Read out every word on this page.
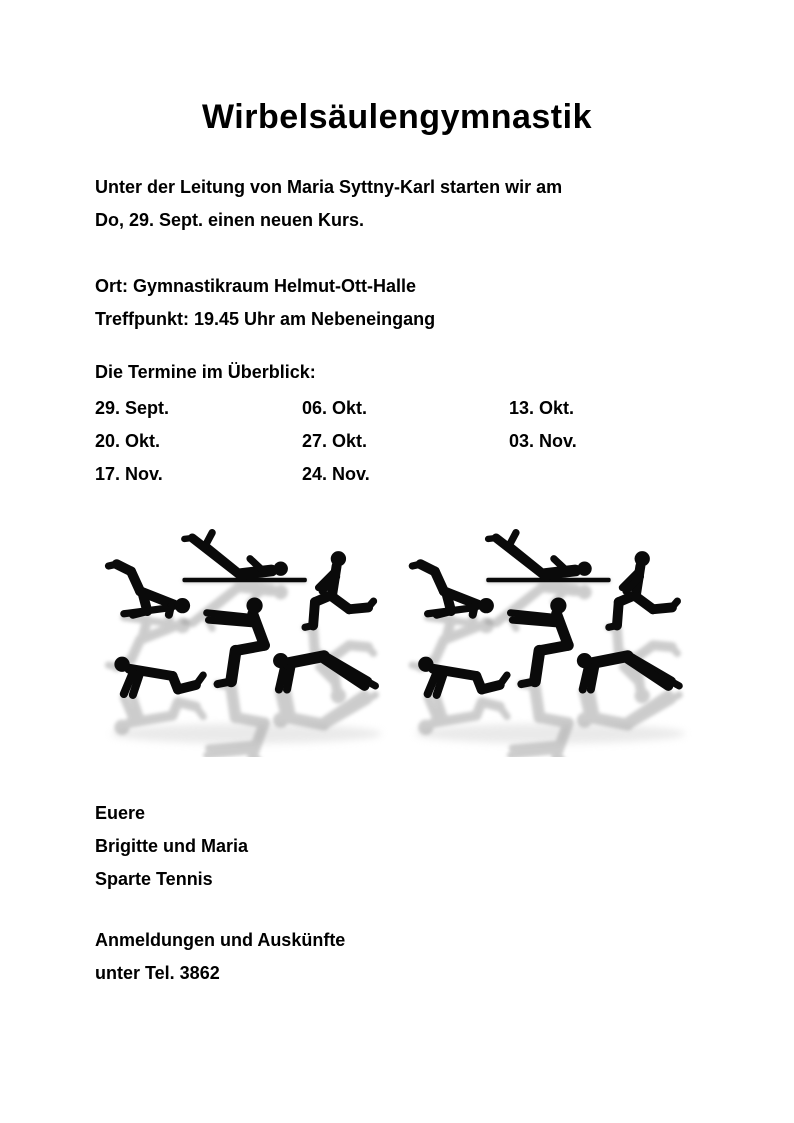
Wirbelsäulengymnastik
Unter der Leitung von Maria Syttny-Karl starten wir am
Do, 29. Sept. einen neuen Kurs.
Ort: Gymnastikraum Helmut-Ott-Halle
Treffpunkt: 19.45 Uhr am Nebeneingang
Die Termine im Überblick:
29. Sept.	06. Okt.	13. Okt.
20. Okt.	27. Okt.	03. Nov.
17. Nov.	24. Nov.
Euere
Brigitte und Maria
Sparte Tennis
Anmeldungen und Auskünfte
unter Tel. 3862
